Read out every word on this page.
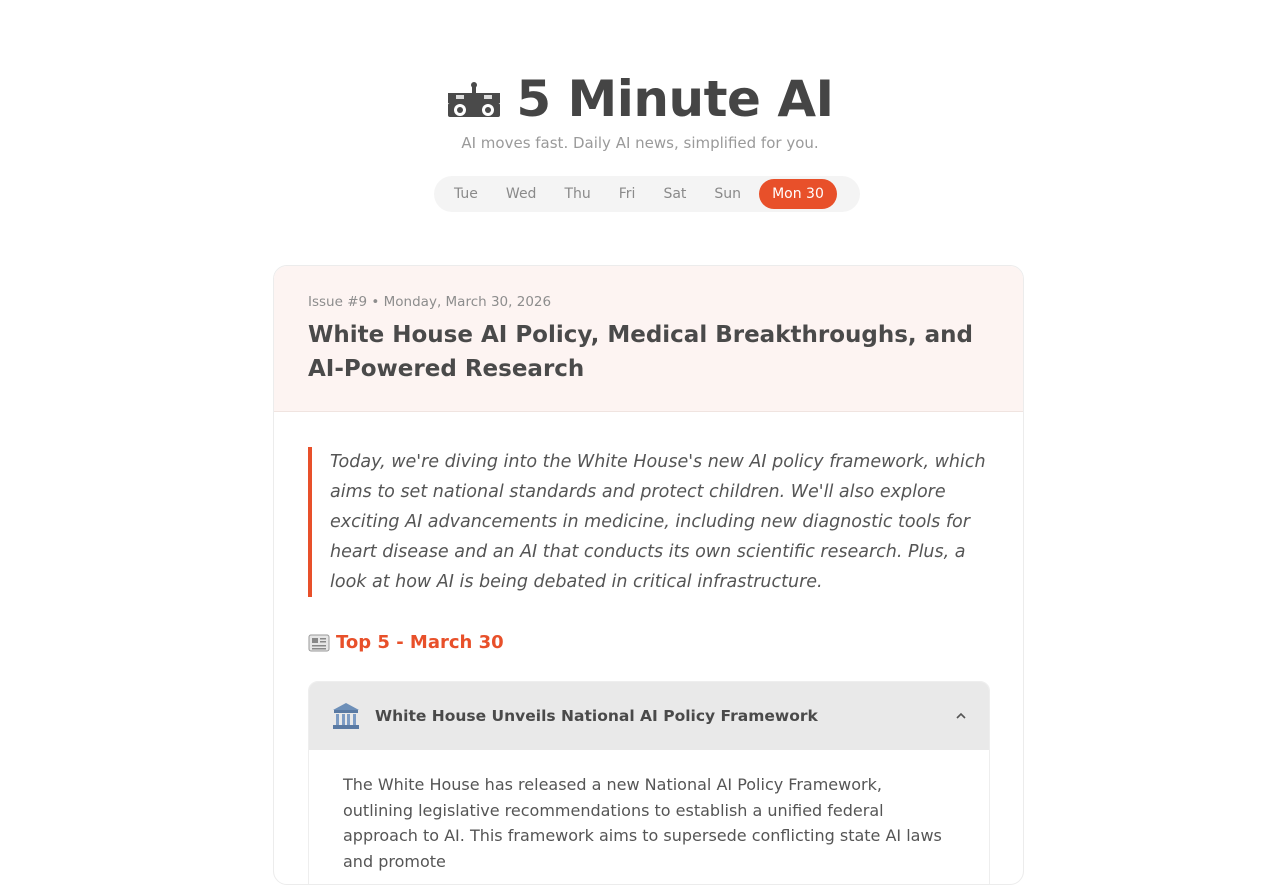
5 Minute AI
AI moves fast. Daily AI news, simplified for you.
Tue	Wed	Thu	Fri	Sat	Sun	Mon 30
Issue #9 • Monday, March 30, 2026
White House AI Policy, Medical Breakthroughs, and AI-Powered Research
Today, we're diving into the White House's new AI policy framework, which aims to set national standards and protect children. We'll also explore exciting AI advancements in medicine, including new diagnostic tools for heart disease and an AI that conducts its own scientific research. Plus, a look at how AI is being debated in critical infrastructure.
Top 5 - March 30
White House Unveils National AI Policy Framework
The White House has released a new National AI Policy Framework, outlining legislative recommendations to establish a unified federal approach to AI. This framework aims to supersede conflicting state AI laws and promote
